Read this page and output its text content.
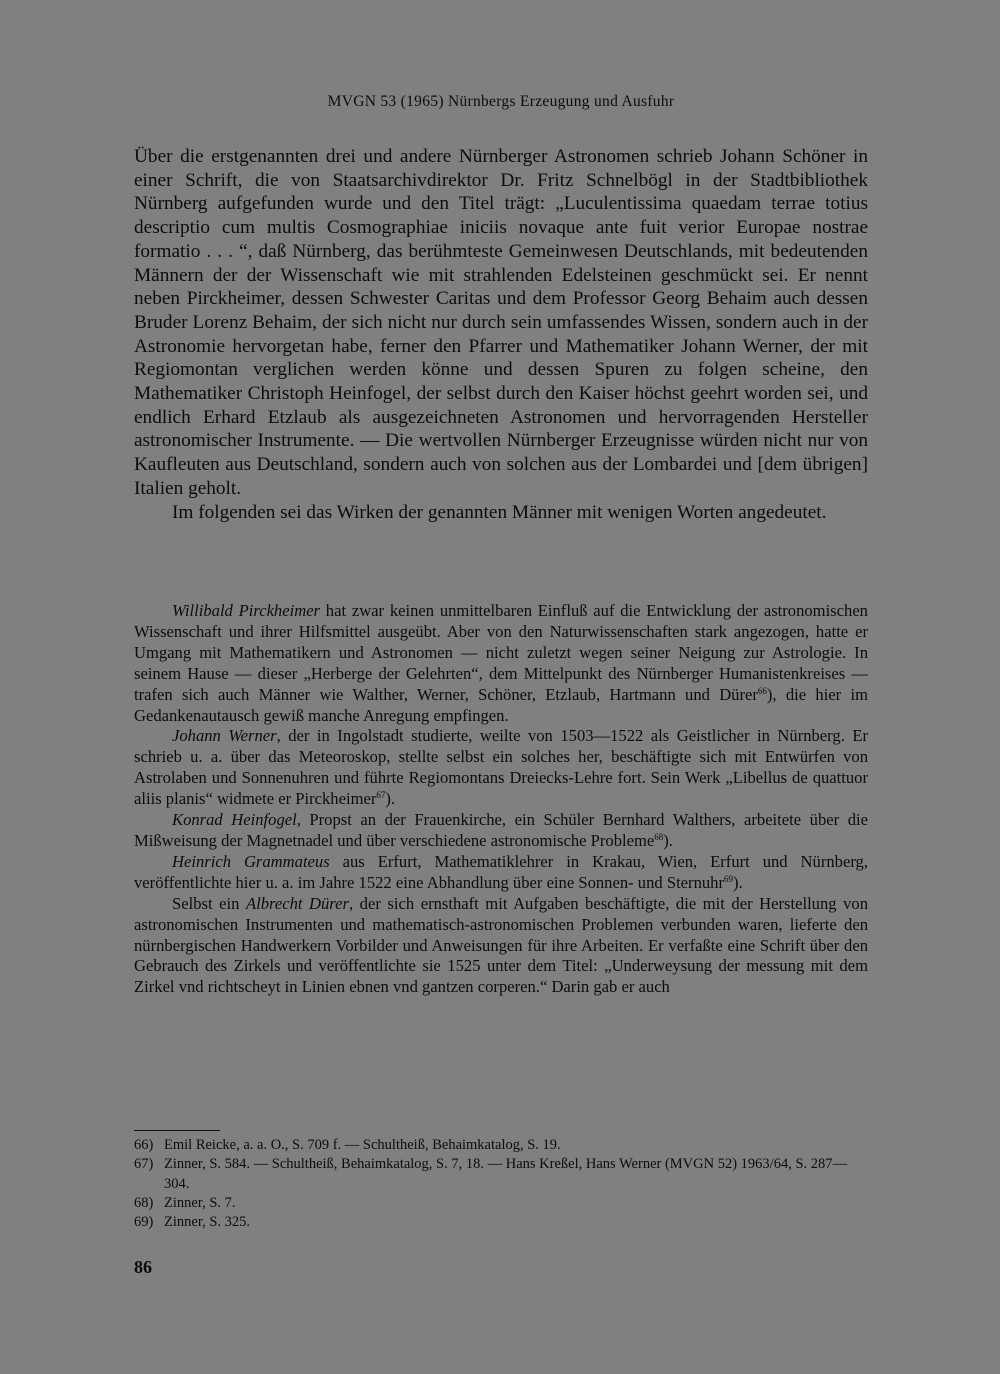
MVGN 53 (1965) Nürnbergs Erzeugung und Ausfuhr

Über die erstgenannten drei und andere Nürnberger Astronomen schrieb Johann Schöner in einer Schrift, die von Staatsarchivdirektor Dr. Fritz Schnelbögl in der Stadtbibliothek Nürnberg aufgefunden wurde und den Titel trägt: „Luculentissima quaedam terrae totius descriptio cum multis Cosmographiae iniciis novaque ante fuit verior Europae nostrae formatio . . . “, daß Nürnberg, das berühmteste Gemeinwesen Deutschlands, mit bedeutenden Männern der der Wissenschaft wie mit strahlenden Edelsteinen geschmückt sei. Er nennt neben Pirckheimer, dessen Schwester Caritas und dem Professor Georg Behaim auch dessen Bruder Lorenz Behaim, der sich nicht nur durch sein umfassendes Wissen, sondern auch in der Astronomie hervorgetan habe, ferner den Pfarrer und Mathematiker Johann Werner, der mit Regiomontan verglichen werden könne und dessen Spuren zu folgen scheine, den Mathematiker Christoph Heinfogel, der selbst durch den Kaiser höchst geehrt worden sei, und endlich Erhard Etzlaub als ausgezeichneten Astronomen und hervorragenden Hersteller astronomischer Instrumente. — Die wertvollen Nürnberger Erzeugnisse würden nicht nur von Kaufleuten aus Deutschland, sondern auch von solchen aus der Lombardei und [dem übrigen] Italien geholt.

Im folgenden sei das Wirken der genannten Männer mit wenigen Worten angedeutet.

Willibald Pirckheimer hat zwar keinen unmittelbaren Einfluß auf die Entwicklung der astronomischen Wissenschaft und ihrer Hilfsmittel ausgeübt. Aber von den Naturwissenschaften stark angezogen, hatte er Umgang mit Mathematikern und Astronomen — nicht zuletzt wegen seiner Neigung zur Astrologie. In seinem Hause — dieser „Herberge der Gelehrten“, dem Mittelpunkt des Nürnberger Humanistenkreises — trafen sich auch Männer wie Walther, Werner, Schöner, Etzlaub, Hartmann und Dürer$^{66}$), die hier im Gedankenautausch gewiß manche Anregung empfingen.

Johann Werner, der in Ingolstadt studierte, weilte von 1503—1522 als Geistlicher in Nürnberg. Er schrieb u. a. über das Meteoroskop, stellte selbst ein solches her, beschäftigte sich mit Entwürfen von Astrolaben und Sonnenuhren und führte Regiomontans Dreiecks-Lehre fort. Sein Werk „Libellus de quattuor aliis planis“ widmete er Pirckheimer$^{67}$).

Konrad Heinfogel, Propst an der Frauenkirche, ein Schüler Bernhard Walthers, arbeitete über die Mißweisung der Magnetnadel und über verschiedene astronomische Probleme$^{68}$).

Heinrich Grammateus aus Erfurt, Mathematiklehrer in Krakau, Wien, Erfurt und Nürnberg, veröffentlichte hier u. a. im Jahre 1522 eine Abhandlung über eine Sonnen- und Sternuhr$^{69}$).

Selbst ein Albrecht Dürer, der sich ernsthaft mit Aufgaben beschäftigte, die mit der Herstellung von astronomischen Instrumenten und mathematisch-astronomischen Problemen verbunden waren, lieferte den nürnbergischen Handwerkern Vorbilder und Anweisungen für ihre Arbeiten. Er verfaßte eine Schrift über den Gebrauch des Zirkels und veröffentlichte sie 1525 unter dem Titel: „Underweysung der messung mit dem Zirkel vnd richtscheyt in Linien ebnen vnd gantzen corperen.“ Darin gab er auch

66) Emil Reicke, a. a. O., S. 709 f. — Schultheiß, Behaimkatalog, S. 19.
67) Zinner, S. 584. — Schultheiß, Behaimkatalog, S. 7, 18. — Hans Kreßel, Hans Werner (MVGN 52) 1963/64, S. 287—304.
68) Zinner, S. 7.
69) Zinner, S. 325.
86
